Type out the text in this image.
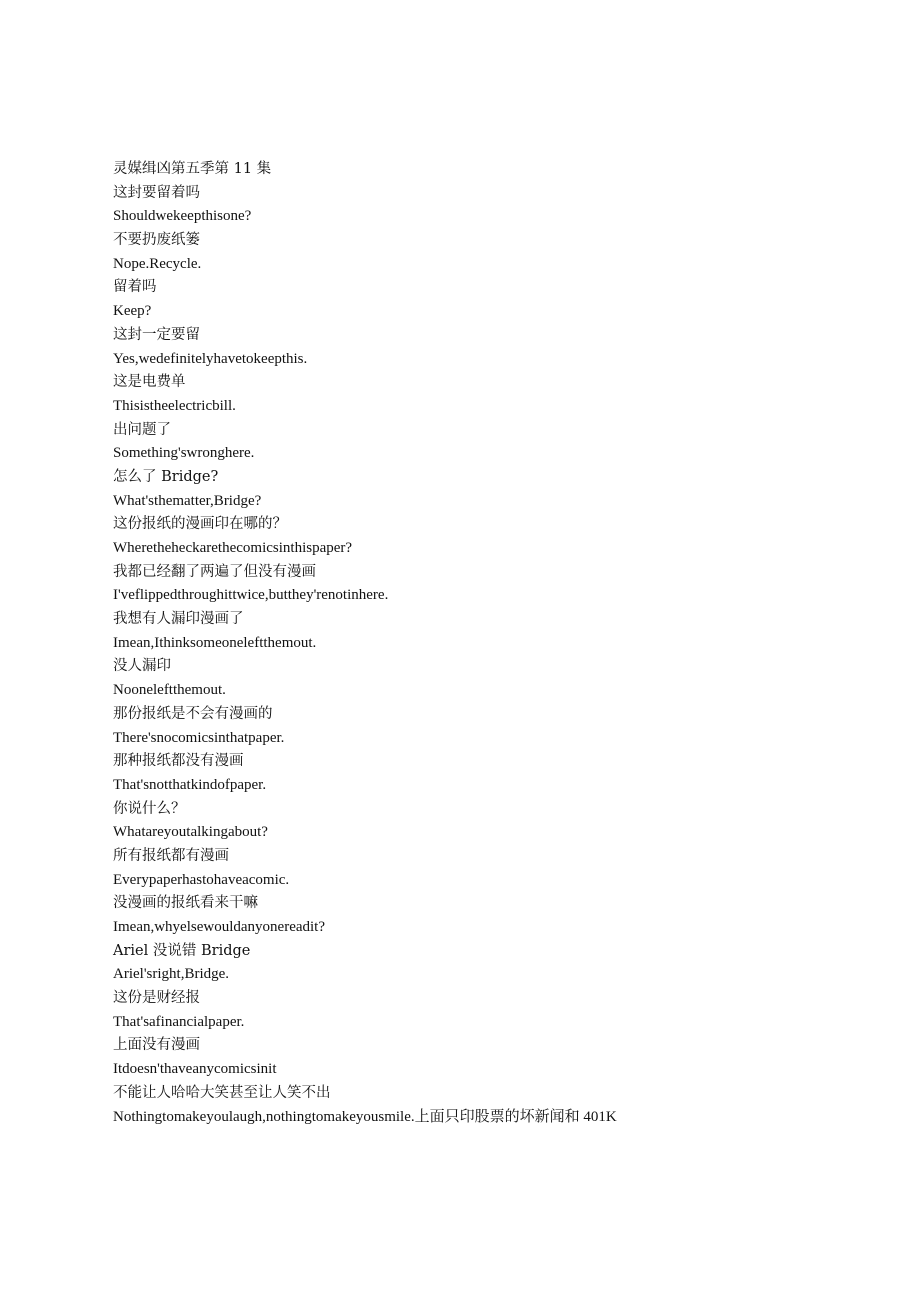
灵媒缉凶第五季第 11 集
这封要留着吗
Shouldwekeepthisone?
不要扔废纸篓
Nope.Recycle.
留着吗
Keep?
这封一定要留
Yes,wedefinitelyhavetokeepthis.
这是电费单
Thisistheelectricbill.
出问题了
Something'swronghere.
怎么了 Bridge?
What'sthematter,Bridge?
这份报纸的漫画印在哪的？
Wheretheheckarethecomicsinthispaper?
我都已经翻了两遍了但没有漫画
I'veflippedthroughittwice,butthey'renotinhere.
我想有人漏印漫画了
Imean,Ithinksomeoneleftthemout.
没人漏印
Nooneleftthemout.
那份报纸是不会有漫画的
There'snocomicsinthatpaper.
那种报纸都没有漫画
That'snotthatkindofpaper.
你说什么？
Whatareyoutalkingabout?
所有报纸都有漫画
Everypaperhastohaveacomic.
没漫画的报纸看来干嘛
Imean,whyelsewouldanyonereadit?
Ariel 没说错 Bridge
Ariel'sright,Bridge.
这份是财经报
That'safinancialpaper.
上面没有漫画
Itdoesn'thaveanycomicsinit
不能让人哈哈大笑甚至让人笑不出
Nothingtomakeyoulaugh,nothingtomakeyousmile.上面只印股票的坏新闻和 401K
